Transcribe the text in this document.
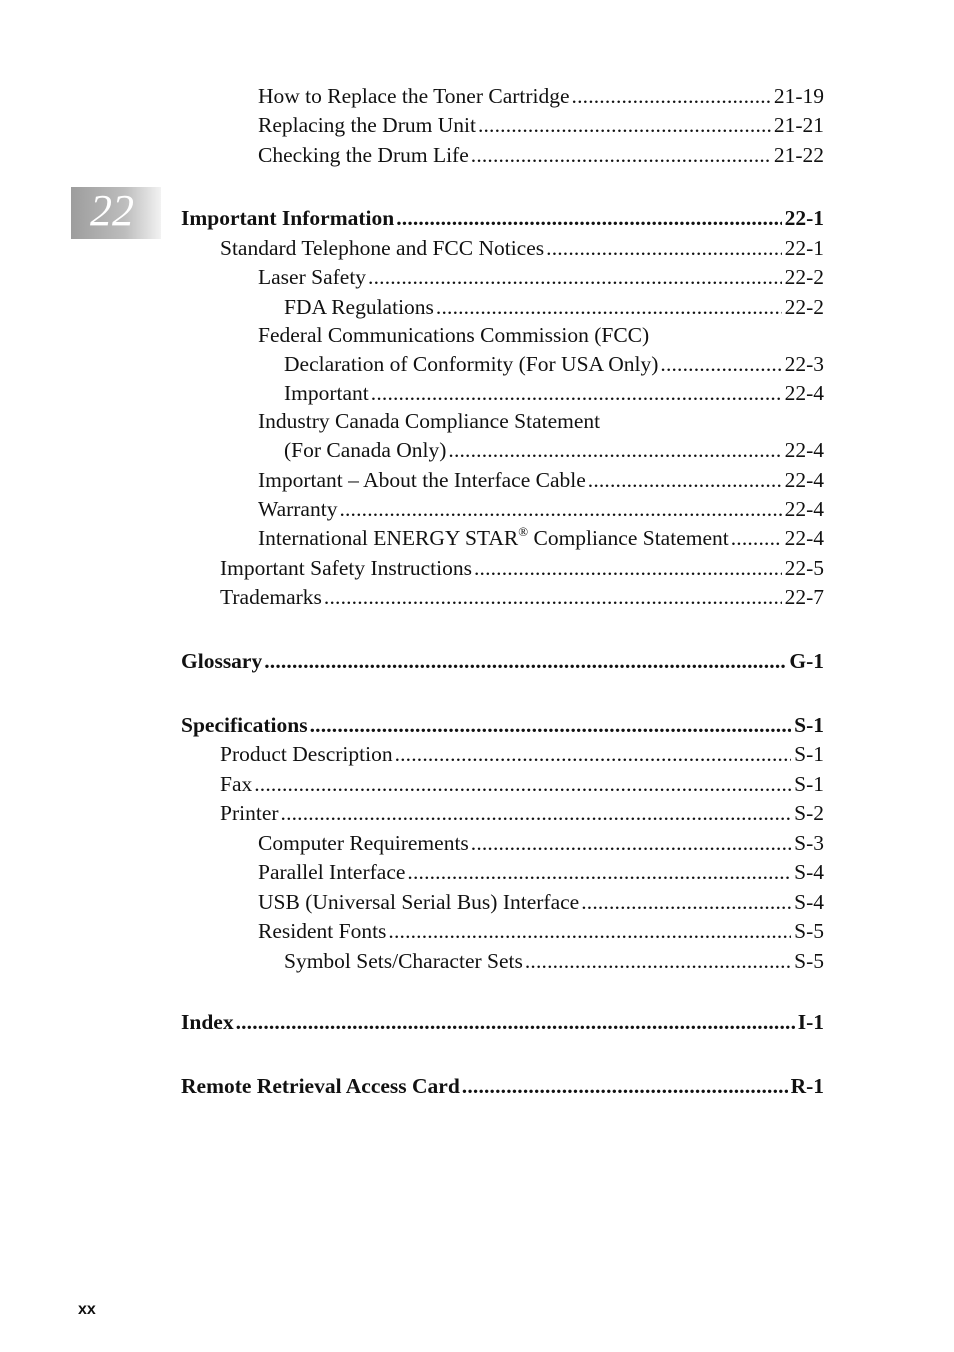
22
How to Replace the Toner Cartridge . . .	21-19
Replacing the Drum Unit . . .	21-21
Checking the Drum Life . . .	21-22
Important Information . . .	22-1
Standard Telephone and FCC Notices . . .	22-1
Laser Safety . . .	22-2
FDA Regulations . . .	22-2
Federal Communications Commission (FCC)
Declaration of Conformity (For USA Only) . . .	22-3
Important . . .	22-4
Industry Canada Compliance Statement
(For Canada Only) . . .	22-4
Important – About the Interface Cable . . .	22-4
Warranty . . .	22-4
International ENERGY STAR® Compliance Statement . . .	22-4
Important Safety Instructions . . .	22-5
Trademarks . . .	22-7
Glossary . . .	G-1
Specifications . . .	S-1
Product Description . . .	S-1
Fax . . .	S-1
Printer . . .	S-2
Computer Requirements . . .	S-3
Parallel Interface . . .	S-4
USB (Universal Serial Bus) Interface . . .	S-4
Resident Fonts . . .	S-5
Symbol Sets/Character Sets . . .	S-5
Index . . .	I-1
Remote Retrieval Access Card . . .	R-1
xx
